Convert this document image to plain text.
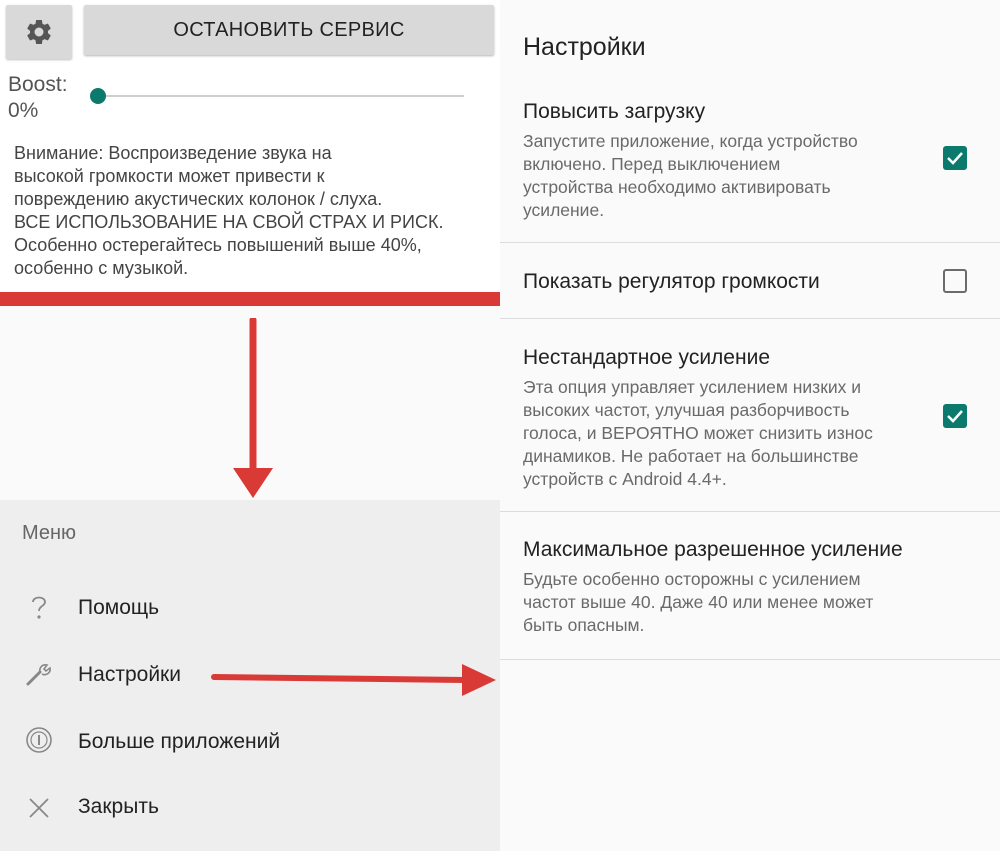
ОСТАНОВИТЬ СЕРВИС
Boost:
0%
Внимание: Воспроизведение звука на
высокой громкости может привести к
повреждению акустических колонок / слуха.
ВСЕ ИСПОЛЬЗОВАНИЕ НА СВОЙ СТРАХ И РИСК.
Особенно остерегайтесь повышений выше 40%,
особенно с музыкой.
Меню
Помощь
Настройки
Больше приложений
Закрыть
Настройки
Повысить загрузку
Запустите приложение, когда устройство
включено. Перед выключением
устройства необходимо активировать
усиление.
Показать регулятор громкости
Нестандартное усиление
Эта опция управляет усилением низких и
высоких частот, улучшая разборчивость
голоса, и ВЕРОЯТНО может снизить износ
динамиков. Не работает на большинстве
устройств с Android 4.4+.
Максимальное разрешенное усиление
Будьте особенно осторожны с усилением
частот выше 40. Даже 40 или менее может
быть опасным.
